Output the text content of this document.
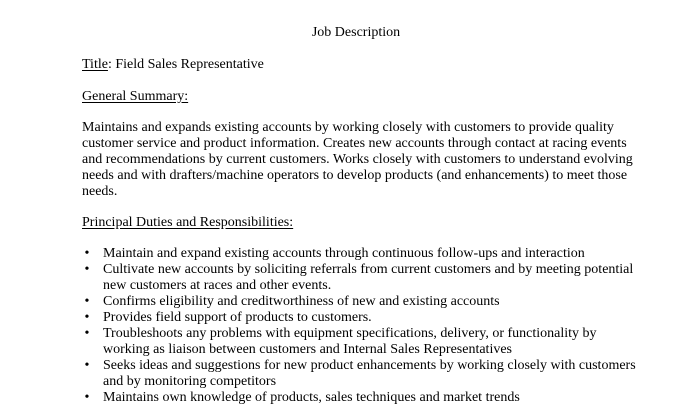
Job Description
Title: Field Sales Representative
General Summary:
Maintains and expands existing accounts by working closely with customers to provide quality
customer service and product information. Creates new accounts through contact at racing events
and recommendations by current customers. Works closely with customers to understand evolving
needs and with drafters/machine operators to develop products (and enhancements) to meet those
needs.
Principal Duties and Responsibilities:
• Maintain and expand existing accounts through continuous follow-ups and interaction
• Cultivate new accounts by soliciting referrals from current customers and by meeting potential
new customers at races and other events.
• Confirms eligibility and creditworthiness of new and existing accounts
• Provides field support of products to customers.
• Troubleshoots any problems with equipment specifications, delivery, or functionality by
working as liaison between customers and Internal Sales Representatives
• Seeks ideas and suggestions for new product enhancements by working closely with customers
and by monitoring competitors
• Maintains own knowledge of products, sales techniques and market trends
